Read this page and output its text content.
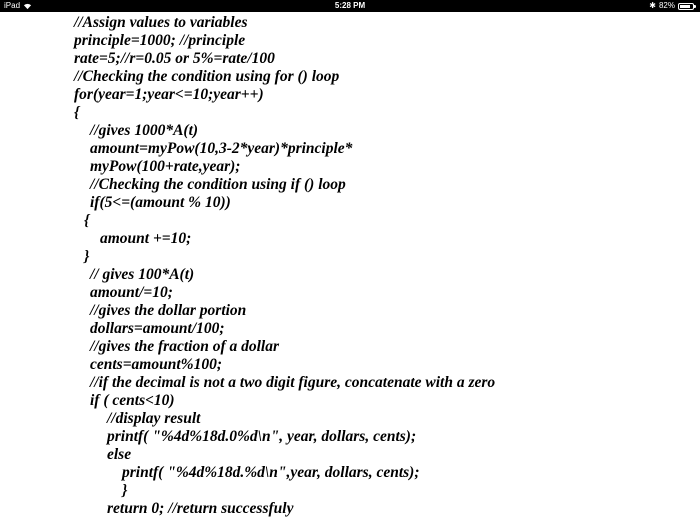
iPad	5:28 PM	✱ 82%

//Assign values to variables

principle=1000; //principle

rate=5;//r=0.05 or 5%=rate/100

//Checking the condition using for () loop

for(year=1;year<=10;year++)

{

//gives 1000*A(t)

amount=myPow(10,3-2*year)*principle*

myPow(100+rate,year);

//Checking the condition using if () loop

if(5<=(amount % 10))

{

amount +=10;

}

// gives 100*A(t)

amount/=10;

//gives the dollar portion

dollars=amount/100;

//gives the fraction of a dollar

cents=amount%100;

//if the decimal is not a two digit figure, concatenate with a zero

if ( cents<10)

//display result

printf( "%4d%18d.0%d\n", year, dollars, cents);

else

printf( "%4d%18d.%d\n",year, dollars, cents);

}

return 0; //return successfuly
